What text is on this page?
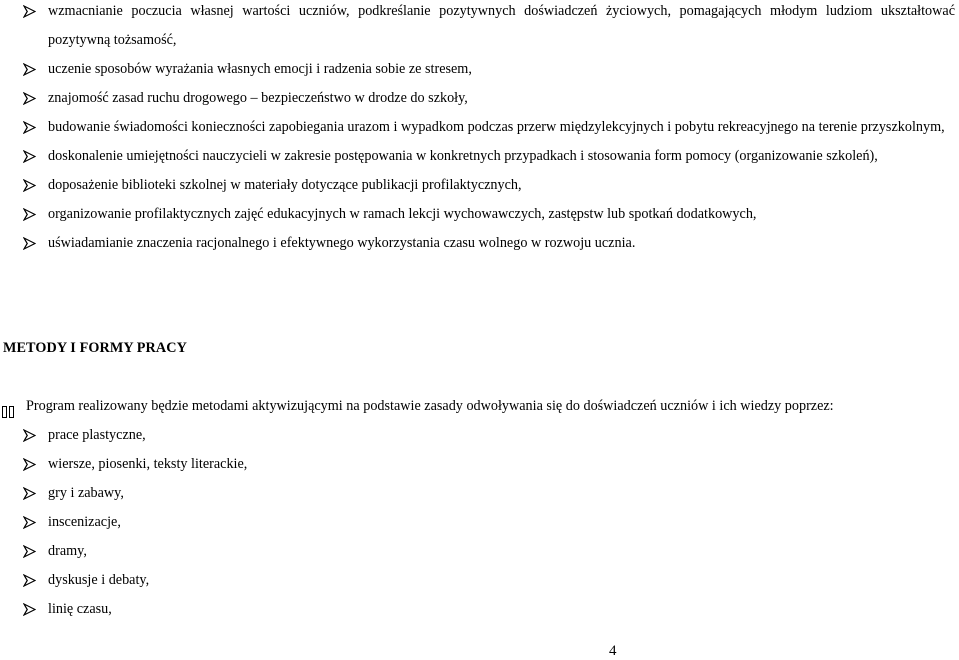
wzmacnianie poczucia własnej wartości uczniów, podkreślanie pozytywnych doświadczeń życiowych, pomagających młodym ludziom ukształtować pozytywną tożsamość,
uczenie sposobów wyrażania własnych emocji i radzenia sobie ze stresem,
znajomość zasad ruchu drogowego – bezpieczeństwo w drodze do szkoły,
budowanie świadomości konieczności zapobiegania urazom i wypadkom podczas przerw międzylekcyjnych i pobytu rekreacyjnego na terenie przyszkolnym,
doskonalenie umiejętności nauczycieli w zakresie postępowania w konkretnych przypadkach i stosowania form pomocy (organizowanie szkoleń),
doposażenie biblioteki szkolnej w materiały dotyczące publikacji profilaktycznych,
organizowanie profilaktycznych zajęć edukacyjnych w ramach lekcji wychowawczych, zastępstw lub spotkań dodatkowych,
uświadamianie znaczenia racjonalnego i efektywnego wykorzystania czasu wolnego w rozwoju ucznia.
METODY I FORMY PRACY
Program realizowany będzie metodami aktywizującymi na podstawie zasady odwoływania się do doświadczeń uczniów i ich wiedzy poprzez:
prace plastyczne,
wiersze, piosenki, teksty literackie,
gry i zabawy,
inscenizacje,
dramy,
dyskusje i debaty,
linię czasu,
4
